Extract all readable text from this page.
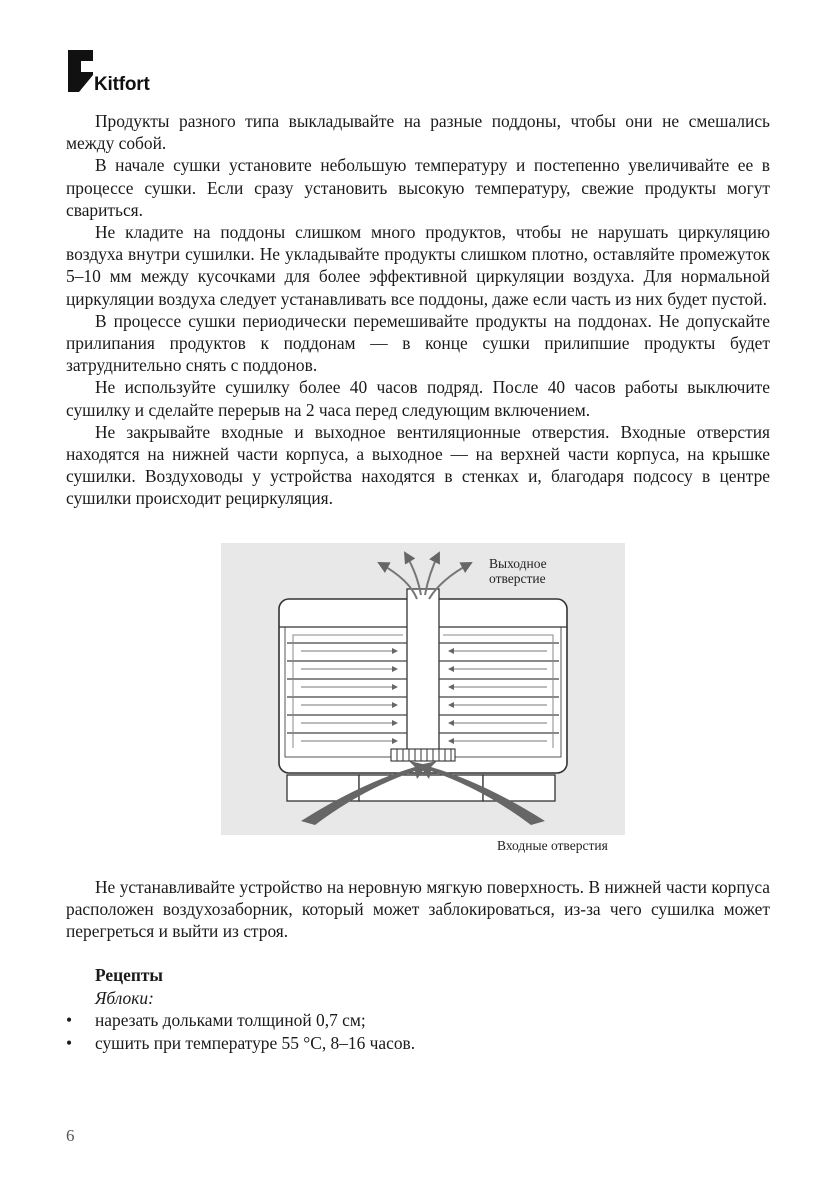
Kitfort

Продукты разного типа выкладывайте на разные поддоны, чтобы они не смешались между собой.

В начале сушки установите небольшую температуру и постепенно увеличивайте ее в процессе сушки. Если сразу установить высокую температуру, свежие продукты могут свариться.

Не кладите на поддоны слишком много продуктов, чтобы не нарушать циркуляцию воздуха внутри сушилки. Не укладывайте продукты слишком плотно, оставляйте промежуток 5–10 мм между кусочками для более эффективной циркуляции воздуха. Для нормальной циркуляции воздуха следует устанавливать все поддоны, даже если часть из них будет пустой.

В процессе сушки периодически перемешивайте продукты на поддонах. Не допускайте прилипания продуктов к поддонам — в конце сушки прилипшие продукты будет затруднительно снять с поддонов.

Не используйте сушилку более 40 часов подряд. После 40 часов работы выключите сушилку и сделайте перерыв на 2 часа перед следующим включением.

Не закрывайте входные и выходное вентиляционные отверстия. Входные отверстия находятся на нижней части корпуса, а выходное — на верхней части корпуса, на крышке сушилки. Воздуховоды у устройства находятся в стенках и, благодаря подсосу в центре сушилки происходит рециркуляция.

Выходное
отверстие
Входные отверстия

Не устанавливайте устройство на неровную мягкую поверхность. В нижней части корпуса расположен воздухозаборник, который может заблокироваться, из-за чего сушилка может перегреться и выйти из строя.

Рецепты
Яблоки:
• нарезать дольками толщиной 0,7 см;
• сушить при температуре 55 °C, 8–16 часов.
6
